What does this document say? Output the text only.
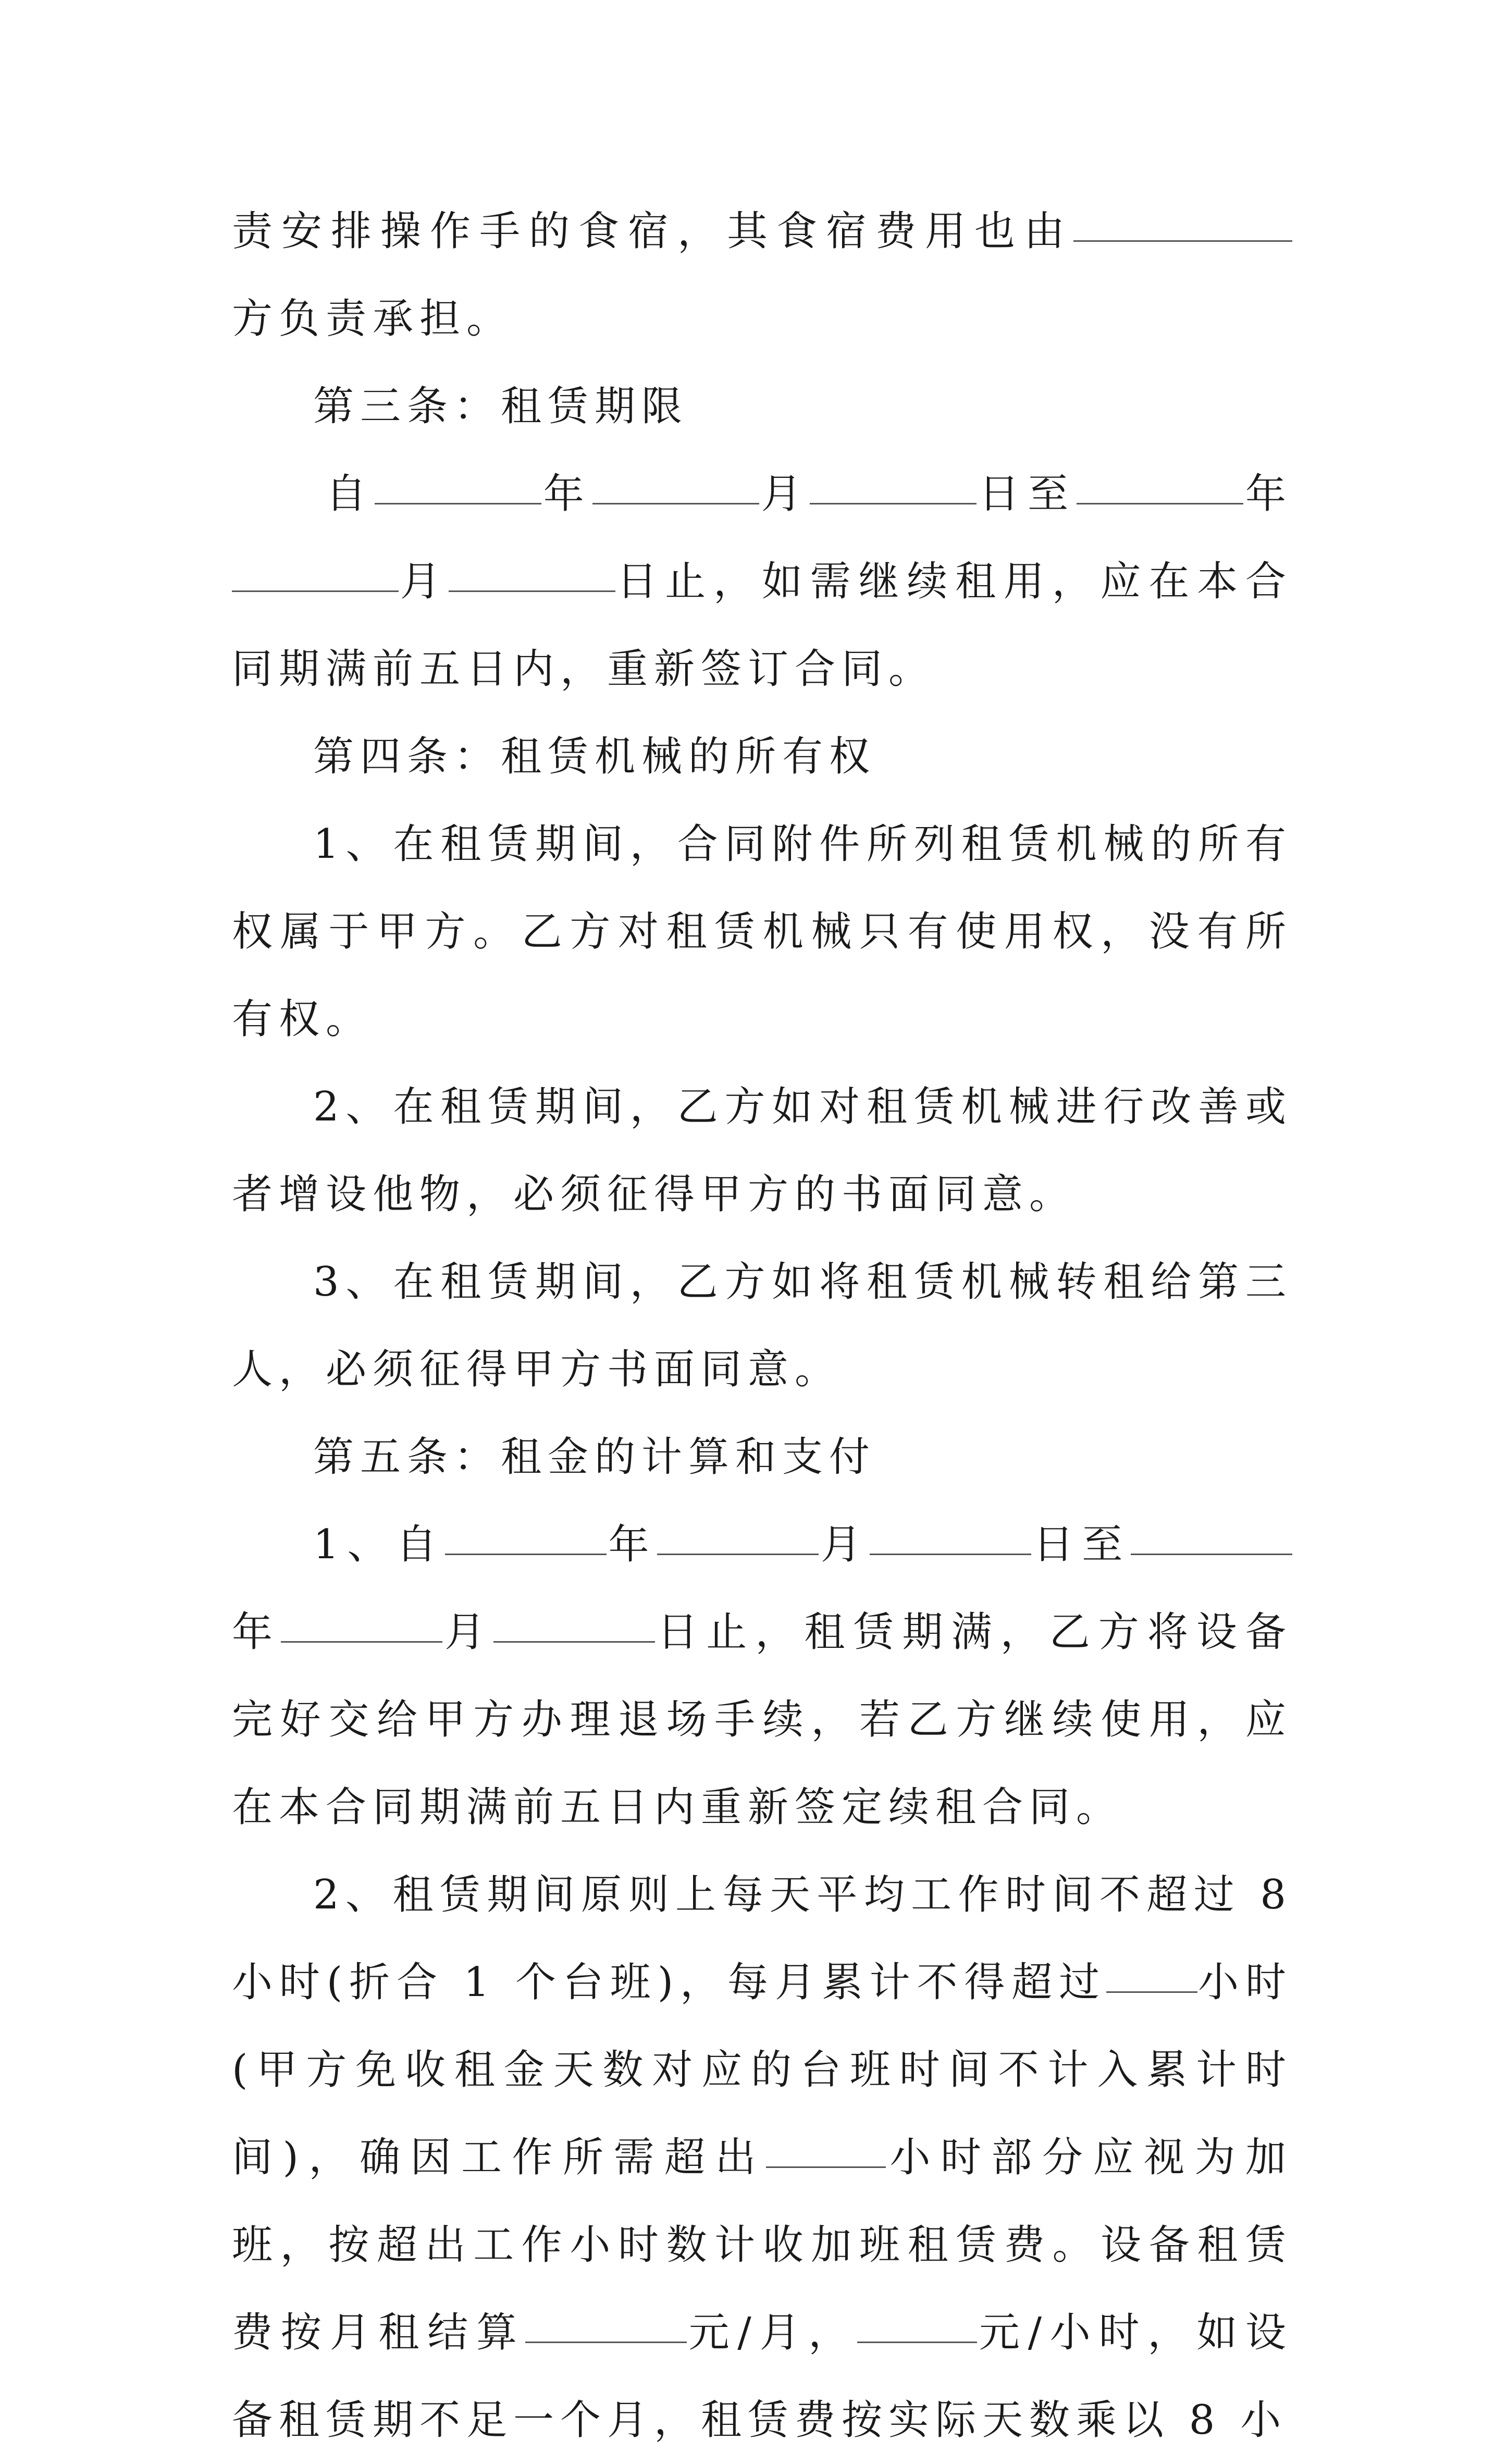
责安排操作手的食宿，其食宿费用也由方负责承担。

第三条：租赁期限

自	年	月	日至	年月	日止，如需继续租用，应在本合同期满前五日内，重新签订合同。

第四条：租赁机械的所有权

1、在租赁期间，合同附件所列租赁机械的所有权属于甲方。乙方对租赁机械只有使用权，没有所有权。

2、在租赁期间，乙方如对租赁机械进行改善或者增设他物，必须征得甲方的书面同意。

3、在租赁期间，乙方如将租赁机械转租给第三人，必须征得甲方书面同意。

第五条：租金的计算和支付

1、自	年	月	日至年	月	日止，租赁期满，乙方将设备完好交给甲方办理退场手续，若乙方继续使用，应在本合同期满前五日内重新签定续租合同。

2、租赁期间原则上每天平均工作时间不超过 8 小时(折合 1 个台班)，每月累计不得超过 小时(甲方免收租金天数对应的台班时间不计入累计时间)，确因工作所需超出	小时部分应视为加班，按超出工作小时数计收加班租赁费。设备租赁费按月租结算	元/月，	元/小时，如设备租赁期不足一个月，租赁费按实际天数乘以 8 小
